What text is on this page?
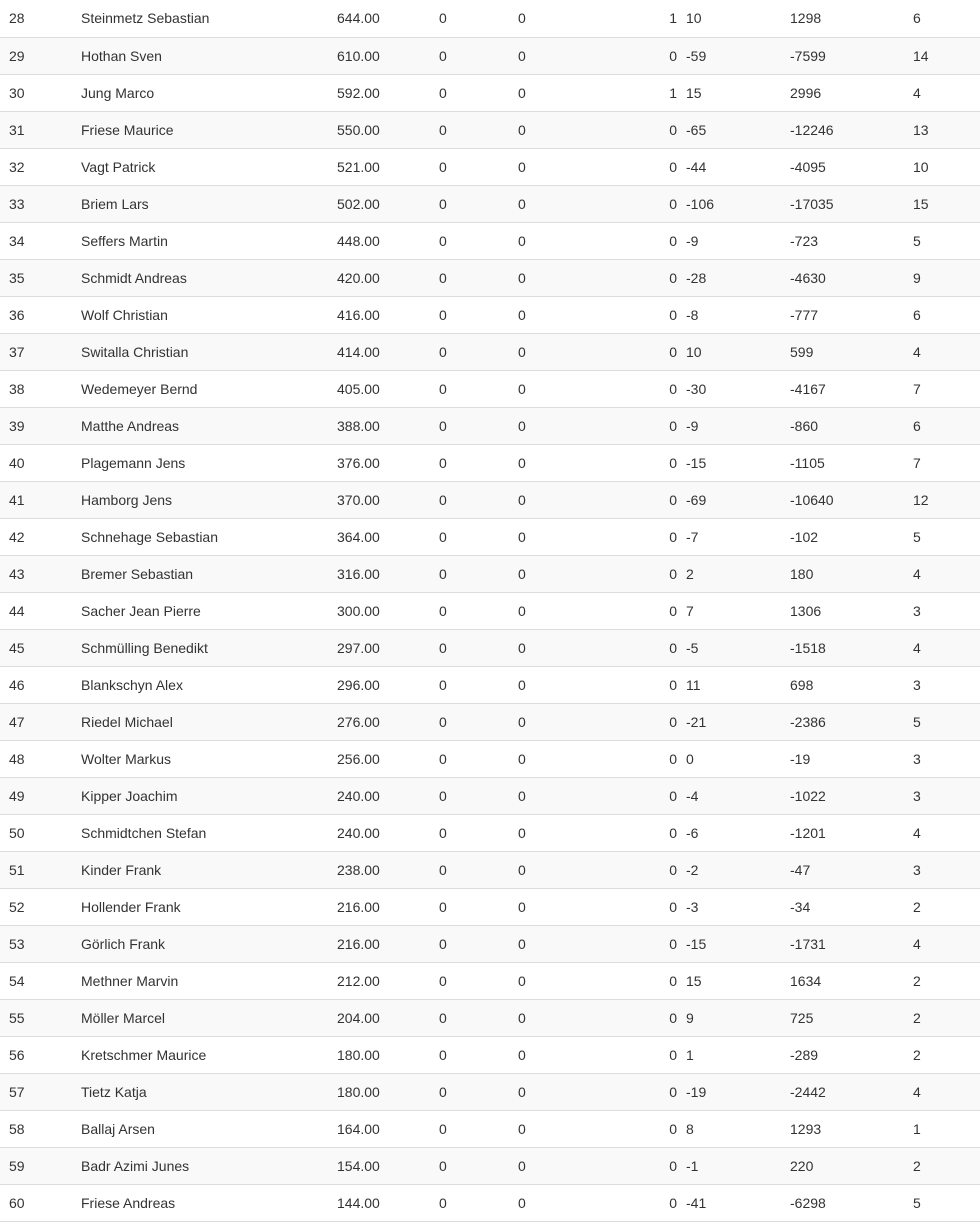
28	Steinmetz Sebastian	644.00	0	0	1	10	1298	6
29	Hothan Sven	610.00	0	0	0	-59	-7599	14
30	Jung Marco	592.00	0	0	1	15	2996	4
31	Friese Maurice	550.00	0	0	0	-65	-12246	13
32	Vagt Patrick	521.00	0	0	0	-44	-4095	10
33	Briem Lars	502.00	0	0	0	-106	-17035	15
34	Seffers Martin	448.00	0	0	0	-9	-723	5
35	Schmidt Andreas	420.00	0	0	0	-28	-4630	9
36	Wolf Christian	416.00	0	0	0	-8	-777	6
37	Switalla Christian	414.00	0	0	0	10	599	4
38	Wedemeyer Bernd	405.00	0	0	0	-30	-4167	7
39	Matthe Andreas	388.00	0	0	0	-9	-860	6
40	Plagemann Jens	376.00	0	0	0	-15	-1105	7
41	Hamborg Jens	370.00	0	0	0	-69	-10640	12
42	Schnehage Sebastian	364.00	0	0	0	-7	-102	5
43	Bremer Sebastian	316.00	0	0	0	2	180	4
44	Sacher Jean Pierre	300.00	0	0	0	7	1306	3
45	Schmülling Benedikt	297.00	0	0	0	-5	-1518	4
46	Blankschyn Alex	296.00	0	0	0	11	698	3
47	Riedel Michael	276.00	0	0	0	-21	-2386	5
48	Wolter Markus	256.00	0	0	0	0	-19	3
49	Kipper Joachim	240.00	0	0	0	-4	-1022	3
50	Schmidtchen Stefan	240.00	0	0	0	-6	-1201	4
51	Kinder Frank	238.00	0	0	0	-2	-47	3
52	Hollender Frank	216.00	0	0	0	-3	-34	2
53	Görlich Frank	216.00	0	0	0	-15	-1731	4
54	Methner Marvin	212.00	0	0	0	15	1634	2
55	Möller Marcel	204.00	0	0	0	9	725	2
56	Kretschmer Maurice	180.00	0	0	0	1	-289	2
57	Tietz Katja	180.00	0	0	0	-19	-2442	4
58	Ballaj Arsen	164.00	0	0	0	8	1293	1
59	Badr Azimi Junes	154.00	0	0	0	-1	220	2
60	Friese Andreas	144.00	0	0	0	-41	-6298	5
